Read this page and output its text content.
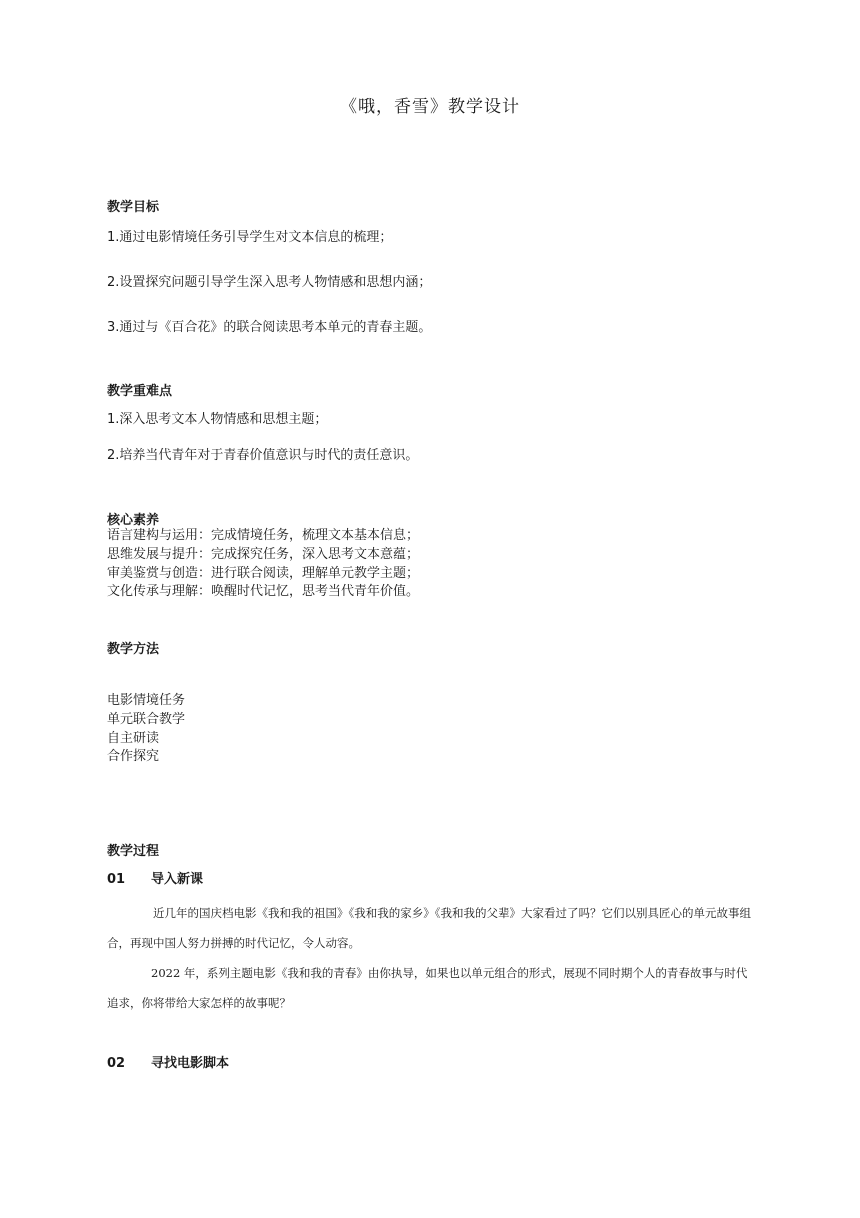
《哦，香雪》教学设计
教学目标
1.通过电影情境任务引导学生对文本信息的梳理；
2.设置探究问题引导学生深入思考人物情感和思想内涵；
3.通过与《百合花》的联合阅读思考本单元的青春主题。
教学重难点
1.深入思考文本人物情感和思想主题；
2.培养当代青年对于青春价值意识与时代的责任意识。
核心素养
语言建构与运用：完成情境任务，梳理文本基本信息；
思维发展与提升：完成探究任务，深入思考文本意蕴；
审美鉴赏与创造：进行联合阅读，理解单元教学主题；
文化传承与理解：唤醒时代记忆，思考当代青年价值。
教学方法
电影情境任务
单元联合教学
自主研读
合作探究
教学过程
01 导入新课

近几年的国庆档电影《我和我的祖国》《我和我的家乡》《我和我的父辈》大家看过了吗？它们以别具匠心的单元故事组合，再现中国人努力拼搏的时代记忆，令人动容。

2022 年，系列主题电影《我和我的青春》由你执导，如果也以单元组合的形式，展现不同时期个人的青春故事与时代追求，你将带给大家怎样的故事呢？

02 寻找电影脚本
